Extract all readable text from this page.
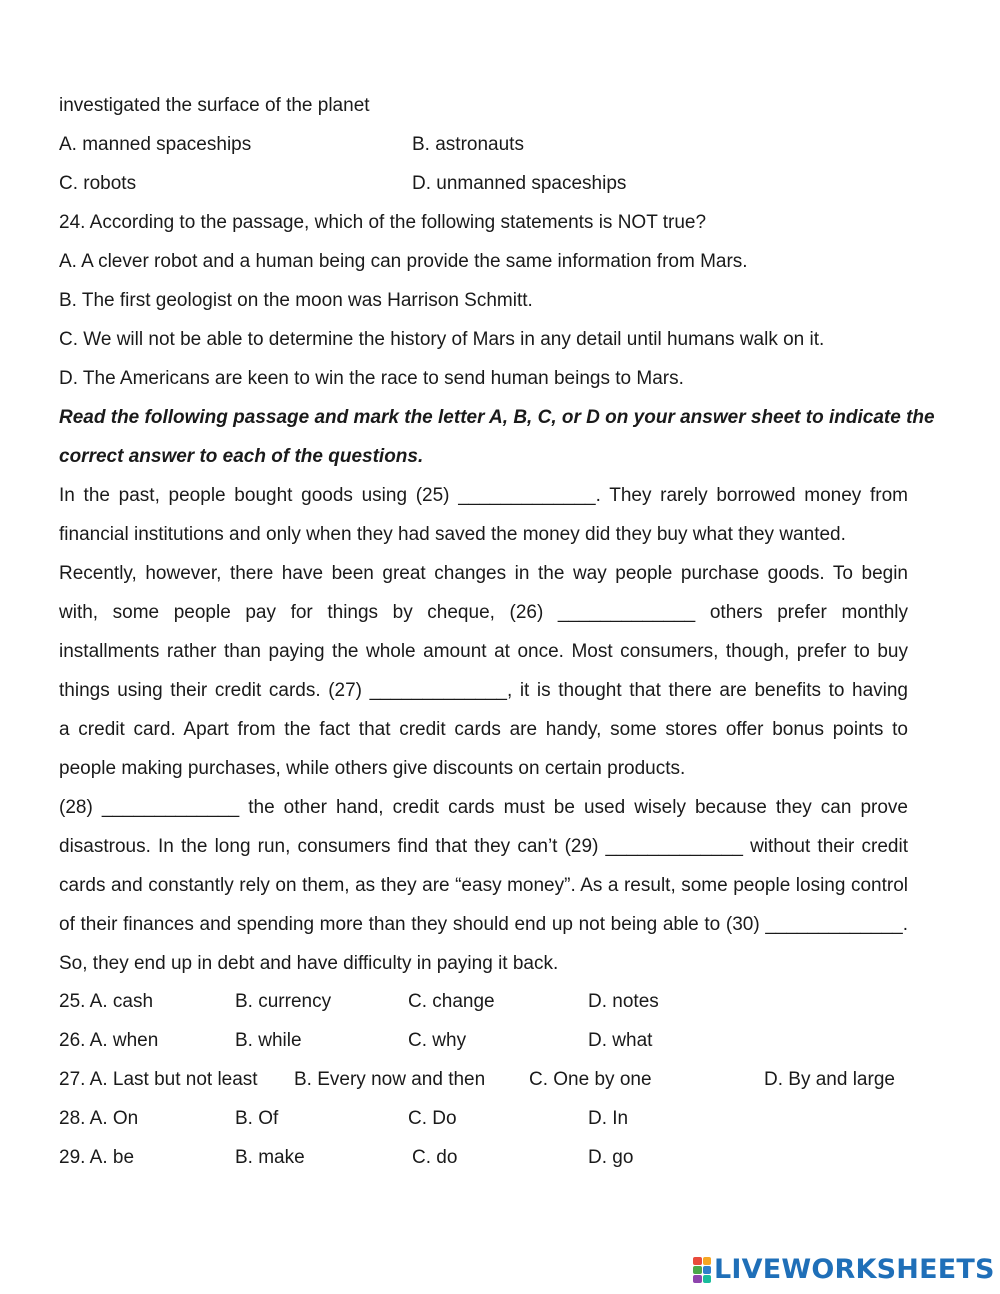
investigated the surface of the planet
A. manned spaceships	B. astronauts
C. robots	D. unmanned spaceships
24. According to the passage, which of the following statements is NOT true?
A. A clever robot and a human being can provide the same information from Mars.
B. The first geologist on the moon was Harrison Schmitt.
C. We will not be able to determine the history of Mars in any detail until humans walk on it.
D. The Americans are keen to win the race to send human beings to Mars.
Read the following passage and mark the letter A, B, C, or D on your answer sheet to indicate the
correct answer to each of the questions.
In the past, people bought goods using (25) _____________. They rarely borrowed money from
financial institutions and only when they had saved the money did they buy what they wanted.
Recently, however, there have been great changes in the way people purchase goods. To begin
with, some people pay for things by cheque, (26) _____________ others prefer monthly
installments rather than paying the whole amount at once. Most consumers, though, prefer to buy
things using their credit cards. (27) _____________, it is thought that there are benefits to having
a credit card. Apart from the fact that credit cards are handy, some stores offer bonus points to
people making purchases, while others give discounts on certain products.
(28) _____________ the other hand, credit cards must be used wisely because they can prove
disastrous. In the long run, consumers find that they can’t (29) _____________ without their credit
cards and constantly rely on them, as they are “easy money”. As a result, some people losing control
of their finances and spending more than they should end up not being able to (30) _____________.
So, they end up in debt and have difficulty in paying it back.
25. A. cash	B. currency	C. change	D. notes
26. A. when	B. while	C. why	D. what
27. A. Last but not least B. Every now and then C. One by one	D. By and large
28. A. On	B. Of	C. Do	D. In
29. A. be	B. make	C. do	D. go
LIVEWORKSHEETS
